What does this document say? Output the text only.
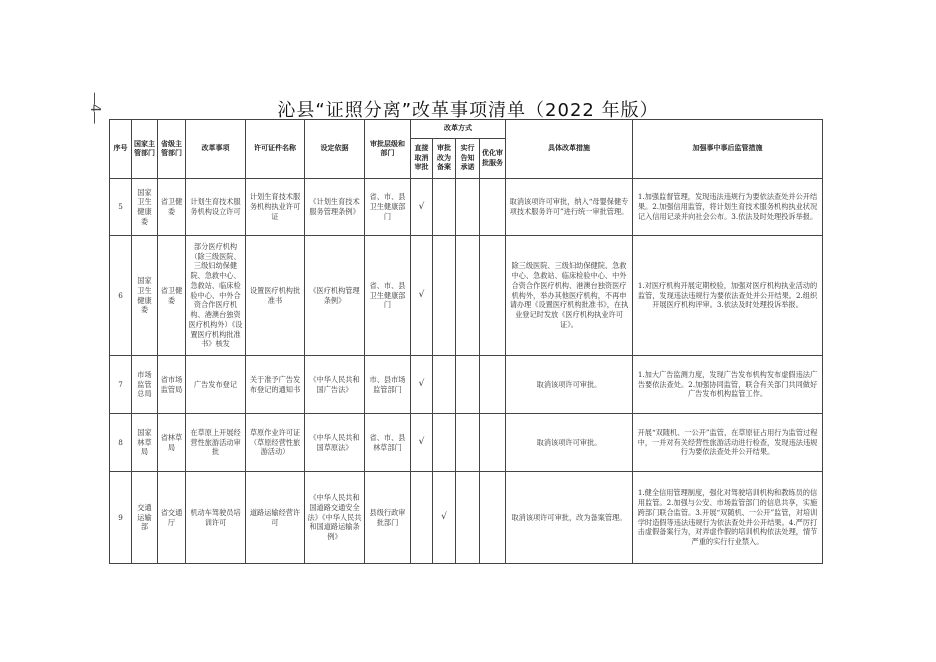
—4—	沁县“证照分离”改革事项清单（2022 年版）
序号	国家主管部门	省级主管部门	改革事项	许可证件名称	设定依据	审批层级和部门	改革方式				具体改革措施	加强事中事后监管措施
							直接取消审批	审批改为备案	实行告知承诺	优化审批服务		
5	国家卫生健康委	省卫健委	计划生育技术服务机构设立许可	计划生育技术服务机构执业许可证	《计划生育技术服务管理条例》	省、市、县卫生健康部门	√				取消该项许可审批，纳入“母婴保健专项技术服务许可”进行统一审批管理。	1.加强监督管理，发现违法违规行为要依法查处并公开结果。2.加强信用监管，将计划生育技术服务机构执业状况记入信用记录并向社会公布。3.依法及时处理投诉举报。
6	国家卫生健康委	省卫健委	部分医疗机构（除三级医院、三级妇幼保健院、急救中心、急救站、临床检验中心、中外合资合作医疗机构、港澳台独资医疗机构外）《设置医疗机构批准书》核发	设置医疗机构批准书	《医疗机构管理条例》	省、市、县卫生健康部门	√				除三级医院、三级妇幼保健院、急救中心、急救站、临床检验中心、中外合资合作医疗机构、港澳台独资医疗机构外，举办其他医疗机构，不再申请办理《设置医疗机构批准书》，在执业登记时发放《医疗机构执业许可证》。	1.对医疗机构开展定期校验，加强对医疗机构执业活动的监管，发现违法违规行为要依法查处并公开结果。2.组织开展医疗机构评审。3.依法及时处理投诉举报。
7	市场监管总局	省市场监管局	广告发布登记	关于准予广告发布登记的通知书	《中华人民共和国广告法》	市、县市场监管部门	√				取消该项许可审批。	1.加大广告监测力度，发现广告发布机构发布虚假违法广告要依法查处。2.加强协同监管，联合有关部门共同做好广告发布机构监管工作。
8	国家林草局	省林草局	在草原上开展经营性旅游活动审批	草原作业许可证（草原经营性旅游活动）	《中华人民共和国草原法》	省、市、县林草部门	√				取消该项许可审批。	开展“双随机、一公开”监管，在草原征占用行为监管过程中，一并对有关经营性旅游活动进行检查，发现违法违规行为要依法查处并公开结果。
9	交通运输部	省交通厅	机动车驾驶员培训许可	道路运输经营许可	《中华人民共和国道路交通安全法》《中华人民共和国道路运输条例》	县级行政审批部门		√			取消该项许可审批，改为备案管理。	1.健全信用管理制度，强化对驾驶培训机构和教练员的信用监管。2.加强与公安、市场监管部门的信息共享，实施跨部门联合监管。3.开展“双随机、一公开”监管，对培训学时造假等违法违规行为依法查处并公开结果。4.严厉打击虚假备案行为，对弄虚作假的培训机构依法处理，情节严重的实行行业禁入。
